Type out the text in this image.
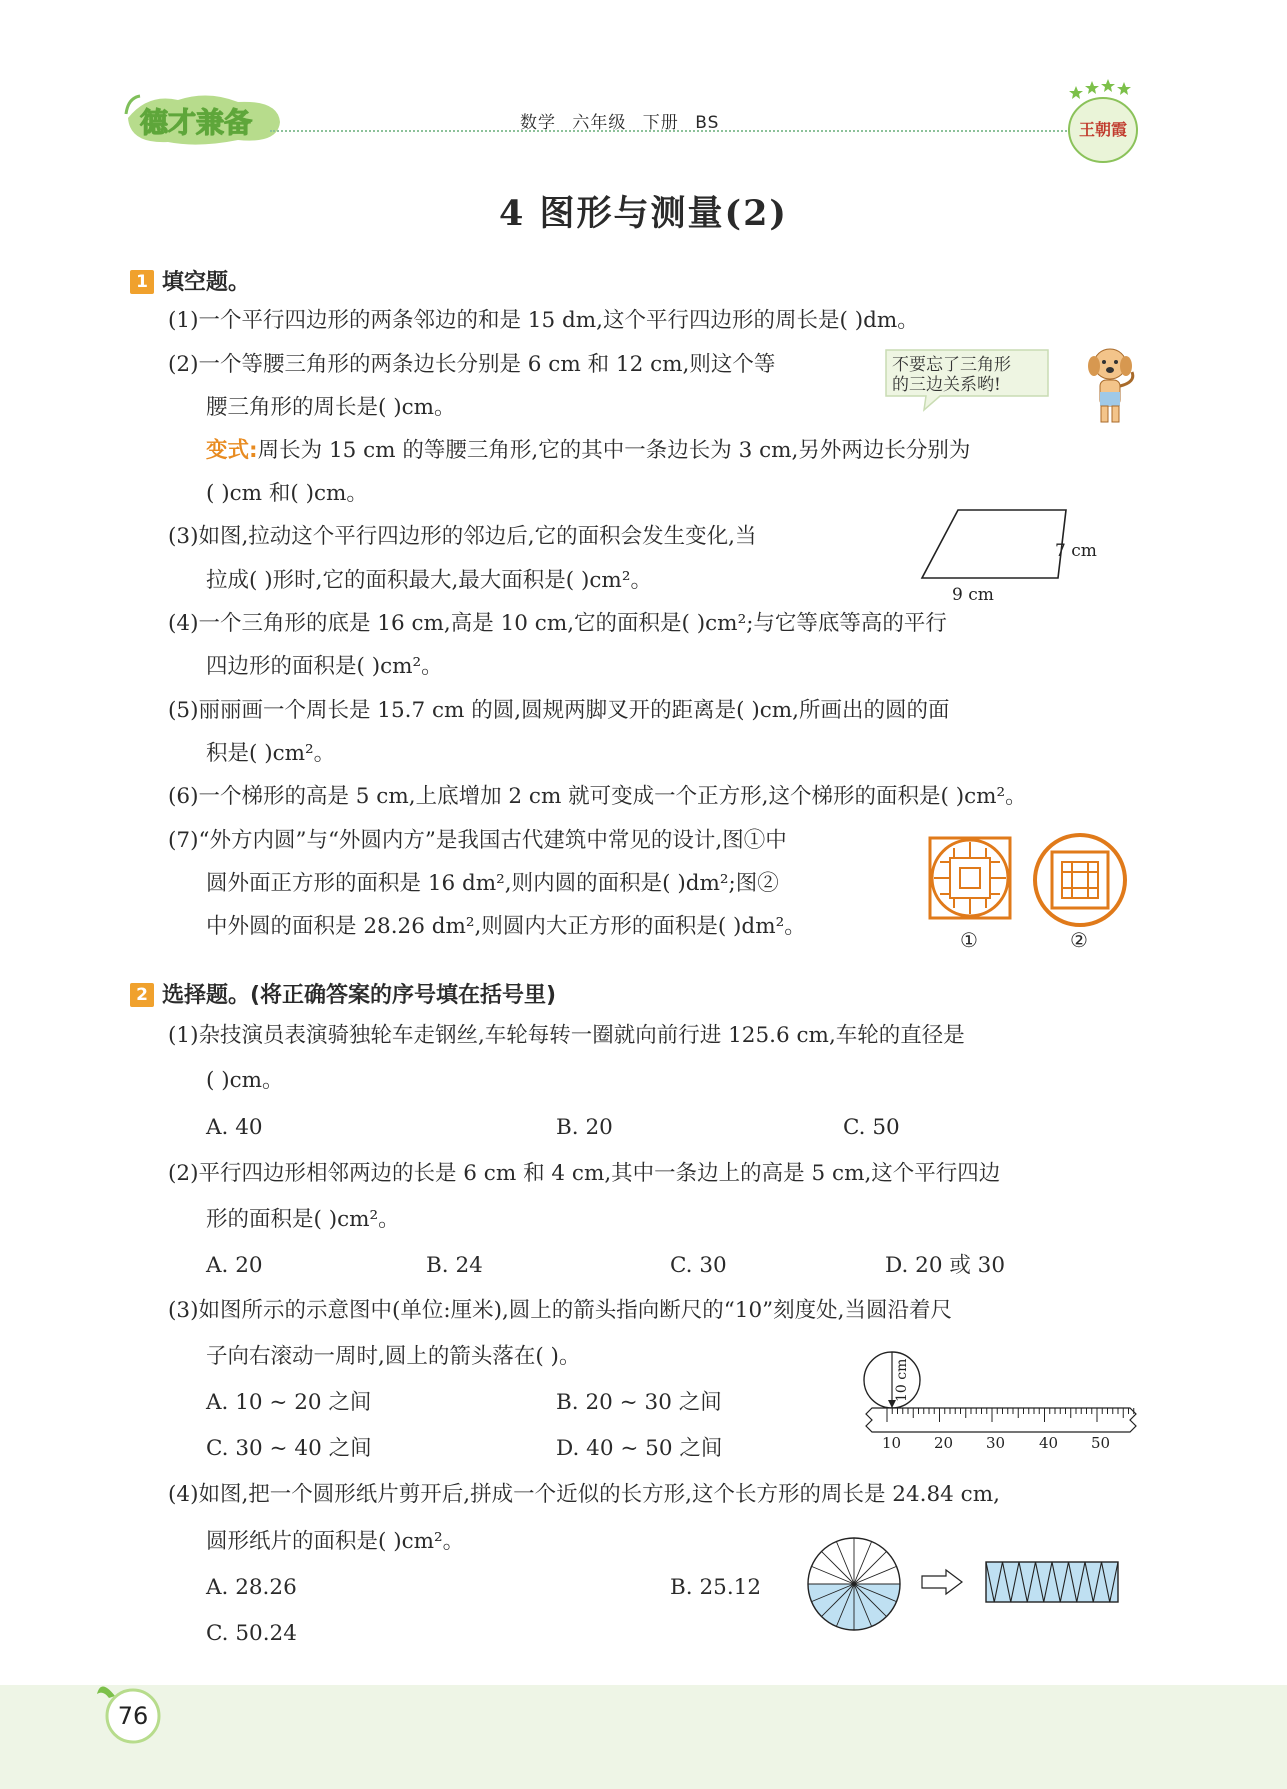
德才兼备	数学 六年级 下册 BS	王朝霞
4 图形与测量(2)
1 填空题。
(1)一个平行四边形的两条邻边的和是 15 dm,这个平行四边形的周长是( )dm。
(2)一个等腰三角形的两条边长分别是 6 cm 和 12 cm,则这个等
腰三角形的周长是( )cm。
变式:周长为 15 cm 的等腰三角形,它的其中一条边长为 3 cm,另外两边长分别为
( )cm 和( )cm。
(3)如图,拉动这个平行四边形的邻边后,它的面积会发生变化,当
拉成( )形时,它的面积最大,最大面积是( )cm²。
(4)一个三角形的底是 16 cm,高是 10 cm,它的面积是( )cm²;与它等底等高的平行
四边形的面积是( )cm²。
(5)丽丽画一个周长是 15.7 cm 的圆,圆规两脚叉开的距离是( )cm,所画出的圆的面
积是( )cm²。
(6)一个梯形的高是 5 cm,上底增加 2 cm 就可变成一个正方形,这个梯形的面积是( )cm²。
(7)“外方内圆”与“外圆内方”是我国古代建筑中常见的设计,图①中
圆外面正方形的面积是 16 dm²,则内圆的面积是( )dm²;图②
中外圆的面积是 28.26 dm²,则圆内大正方形的面积是( )dm²。
不要忘了三角形
的三边关系哟!
7 cm
9 cm
①	②
2 选择题。(将正确答案的序号填在括号里)
(1)杂技演员表演骑独轮车走钢丝,车轮每转一圈就向前行进 125.6 cm,车轮的直径是
( )cm。
A. 40	B. 20	C. 50
(2)平行四边形相邻两边的长是 6 cm 和 4 cm,其中一条边上的高是 5 cm,这个平行四边
形的面积是( )cm²。
A. 20	B. 24	C. 30	D. 20 或 30
(3)如图所示的示意图中(单位:厘米),圆上的箭头指向断尺的“10”刻度处,当圆沿着尺
子向右滚动一周时,圆上的箭头落在( )。
A. 10 ~ 20 之间	B. 20 ~ 30 之间
C. 30 ~ 40 之间	D. 40 ~ 50 之间
10 cm
10 20 30 40 50
(4)如图,把一个圆形纸片剪开后,拼成一个近似的长方形,这个长方形的周长是 24.84 cm,
圆形纸片的面积是( )cm²。
A. 28.26	B. 25.12
C. 50.24
76
